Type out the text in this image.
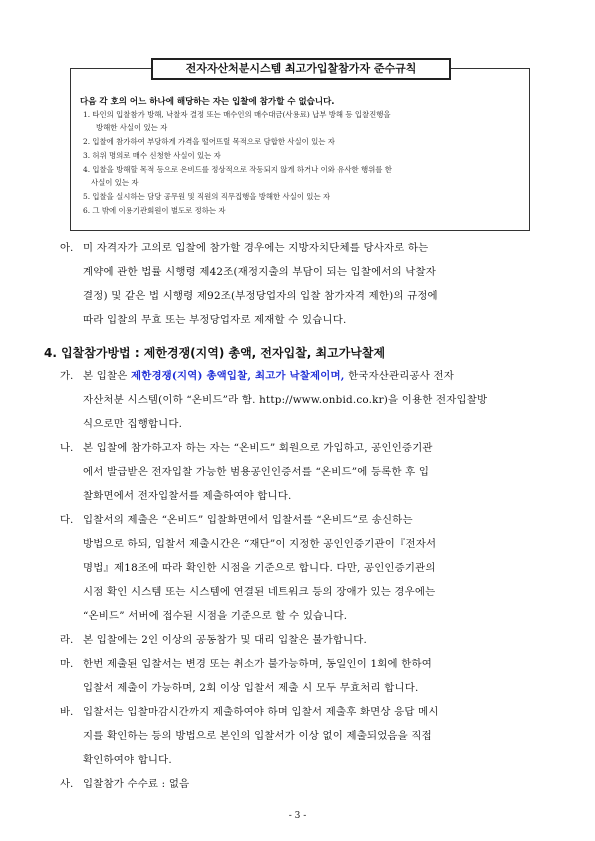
전자자산처분시스템 최고가입찰참가자 준수규칙
다음 각 호의 어느 하나에 해당하는 자는 입찰에 참가할 수 없습니다.
1. 타인의 입찰참가 방해, 낙찰자 결정 또는 매수인의 매수대금(사용료) 납부 방해 등 입찰진행을
방해한 사실이 있는 자
2. 입찰에 참가하여 부당하게 가격을 떨어뜨릴 목적으로 담합한 사실이 있는 자
3. 허위 명의로 매수 신청한 사실이 있는 자
4. 입찰을 방해할 목적 등으로 온비드를 정상적으로 작동되지 않게 하거나 이와 유사한 행위를 한
사실이 있는 자
5. 입찰을 실시하는 담당 공무원 및 직원의 직무집행을 방해한 사실이 있는 자
6. 그 밖에 이용기관회원이 별도로 정하는 자
아. 미 자격자가 고의로 입찰에 참가할 경우에는 지방자치단체를 당사자로 하는
계약에 관한 법률 시행령 제42조(재정지출의 부담이 되는 입찰에서의 낙찰자
결정) 및 같은 법 시행령 제92조(부정당업자의 입찰 참가자격 제한)의 규정에
따라 입찰의 무효 또는 부정당업자로 제재할 수 있습니다.
4. 입찰참가방법 : 제한경쟁(지역) 총액, 전자입찰, 최고가낙찰제
가. 본 입찰은 제한경쟁(지역) 총액입찰, 최고가 낙찰제이며, 한국자산관리공사 전자
자산처분 시스템(이하 “온비드”라 함. http://www.onbid.co.kr)을 이용한 전자입찰방
식으로만 집행합니다.
나. 본 입찰에 참가하고자 하는 자는 “온비드” 회원으로 가입하고, 공인인증기관
에서 발급받은 전자입찰 가능한 범용공인인증서를 “온비드”에 등록한 후 입
찰화면에서 전자입찰서를 제출하여야 합니다.
다. 입찰서의 제출은 “온비드” 입찰화면에서 입찰서를 “온비드”로 송신하는
방법으로 하되, 입찰서 제출시간은 “재단”이 지정한 공인인증기관이『전자서
명법』제18조에 따라 확인한 시점을 기준으로 합니다. 다만, 공인인증기관의
시점 확인 시스템 또는 시스템에 연결된 네트워크 등의 장애가 있는 경우에는
“온비드” 서버에 접수된 시점을 기준으로 할 수 있습니다.
라. 본 입찰에는 2인 이상의 공동참가 및 대리 입찰은 불가합니다.
마. 한번 제출된 입찰서는 변경 또는 취소가 불가능하며, 동일인이 1회에 한하여
입찰서 제출이 가능하며, 2회 이상 입찰서 제출 시 모두 무효처리 합니다.
바. 입찰서는 입찰마감시간까지 제출하여야 하며 입찰서 제출후 화면상 응답 메시
지를 확인하는 등의 방법으로 본인의 입찰서가 이상 없이 제출되었음을 직접
확인하여야 합니다.
사. 입찰참가 수수료 : 없음
- 3 -
